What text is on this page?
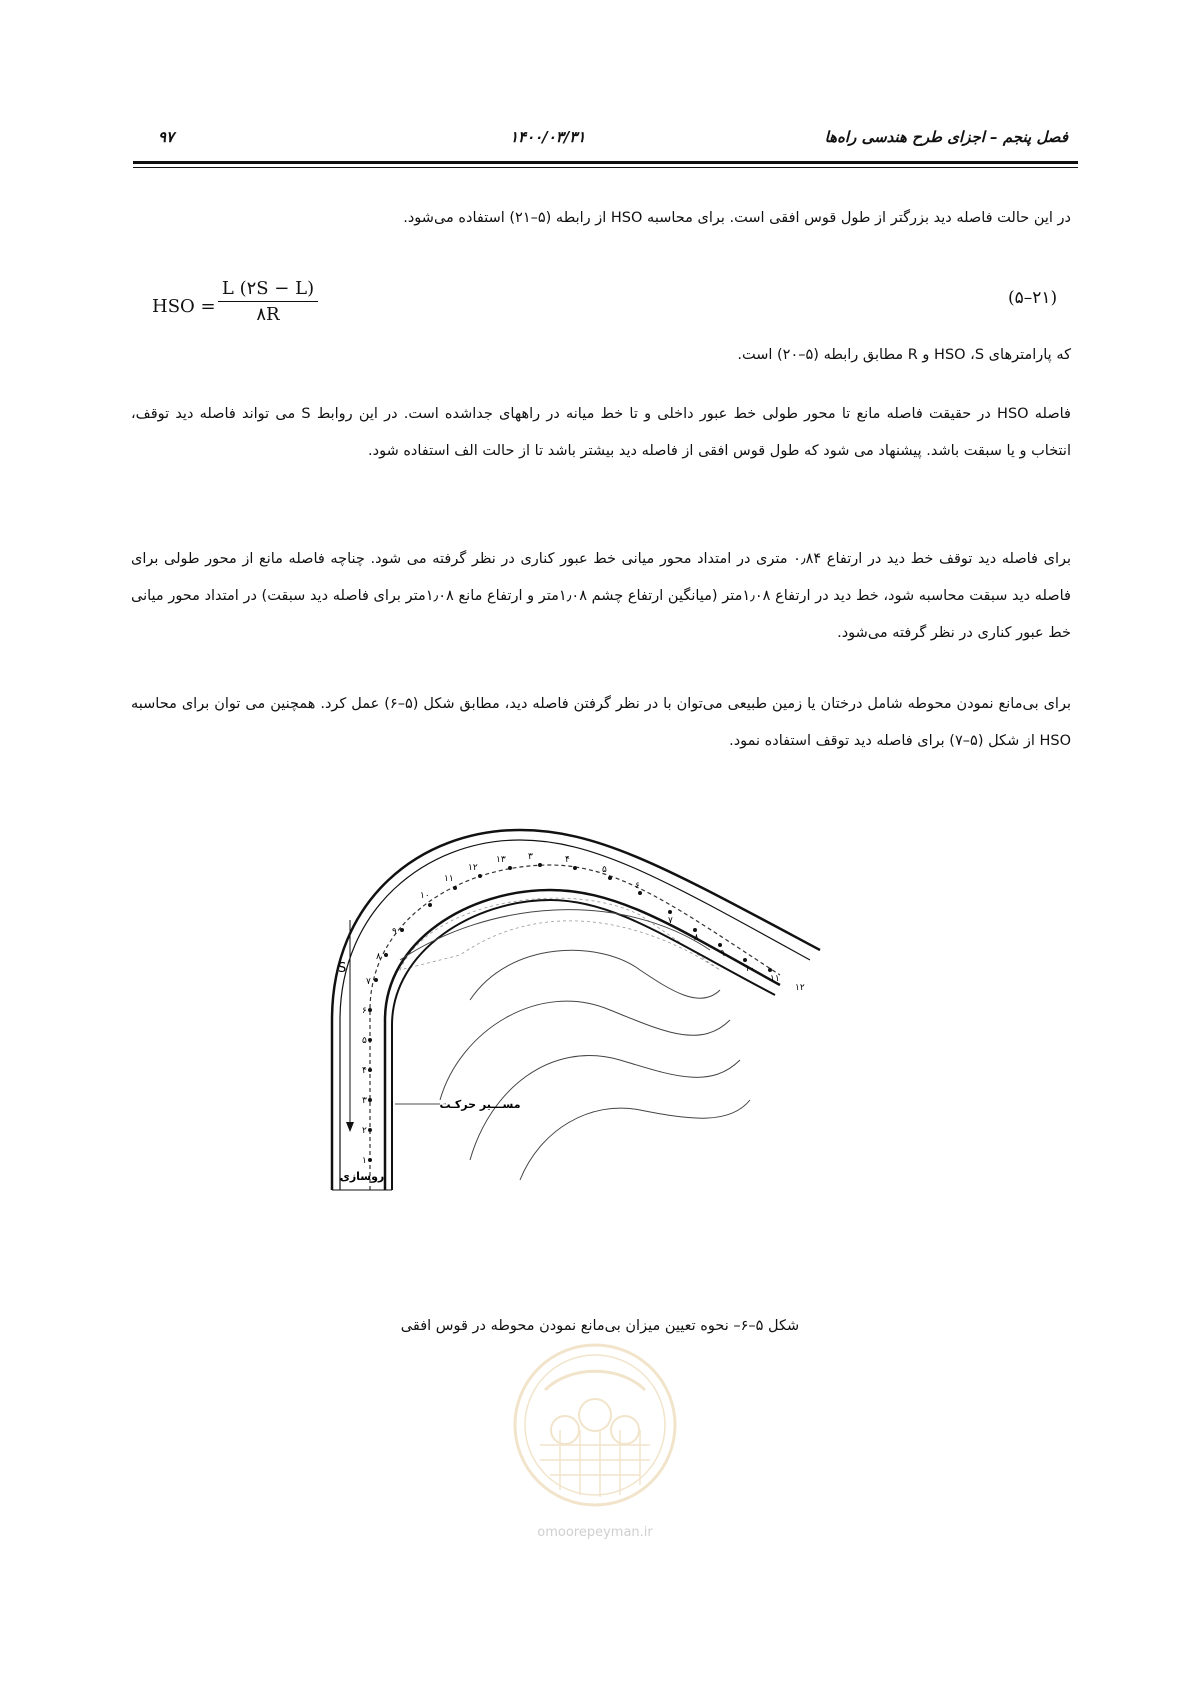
۹۷	۱۴۰۰/۰۳/۳۱	فصل پنجم – اجزای طرح هندسی راه‌ها
در این حالت فاصله دید بزرگتر از طول قوس افقی است. برای محاسبه HSO از رابطه (۵–۲۱) استفاده می‌شود.
HSO = $\frac{L (۲S - L)}{۸R}$	(۵–۲۱)
که پارامترهای HSO ،S و R مطابق رابطه (۵–۲۰) است.
فاصله HSO در حقیقت فاصله مانع تا محور طولی خط عبور داخلی و تا خط میانه در راههای جداشده است. در این روابط S می تواند فاصله دید توقف، انتخاب و یا سبقت باشد. پیشنهاد می شود که طول قوس افقی از فاصله دید بیشتر باشد تا از حالت الف استفاده شود.
برای فاصله دید توقف خط دید در ارتفاع ۰٫۸۴ متری در امتداد محور میانی خط عبور کناری در نظر گرفته می شود. چناچه فاصله مانع از محور طولی برای فاصله دید سبقت محاسبه شود، خط دید در ارتفاع ۱٫۰۸متر (میانگین ارتفاع چشم ۱٫۰۸متر و ارتفاع مانع ۱٫۰۸متر برای فاصله دید سبقت) در امتداد محور میانی خط عبور کناری در نظر گرفته می‌شود.
برای بی‌مانع نمودن محوطه شامل درختان یا زمین طبیعی می‌توان با در نظر گرفتن فاصله دید، مطابق شکل (۵–۶) عمل کرد. همچنین می توان برای محاسبه HSO از شکل (۵–۷) برای فاصله دید توقف استفاده نمود.
S
مســـیر حرکـت
روسازی
۱
۲
۳
۴
۵
۶
۷
۸
۹
۱۰
۱۱
۱۲
۱۳ ۳	۴
۵
۶
۷
۸
۹
۱۰
۱۱
۱۲
شکل ۵–۶– نحوه تعیین میزان بی‌مانع نمودن محوطه در قوس افقی
omoorepeyman.ir
